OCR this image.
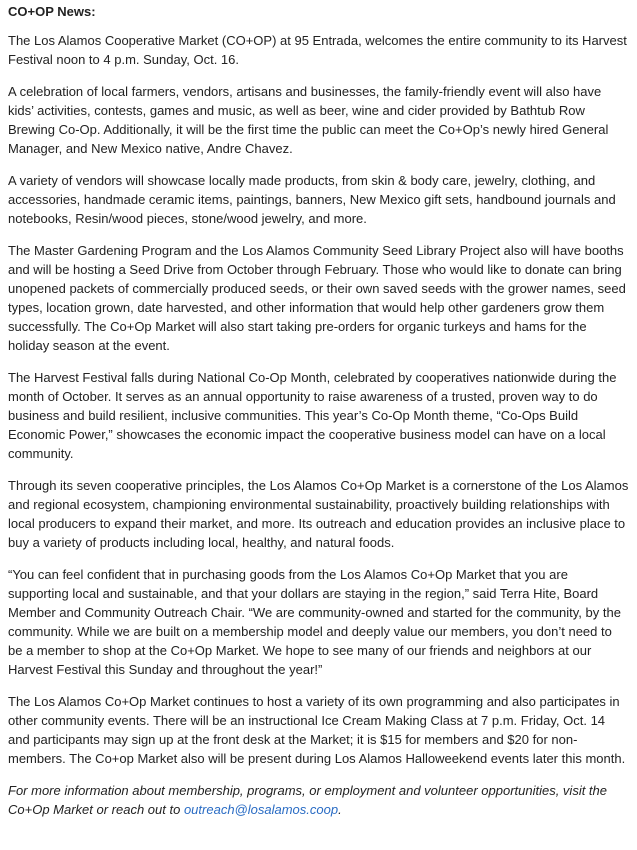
CO+OP News:

The Los Alamos Cooperative Market (CO+OP) at 95 Entrada, welcomes the entire community to its Harvest Festival noon to 4 p.m. Sunday, Oct. 16.

A celebration of local farmers, vendors, artisans and businesses, the family-friendly event will also have kids’ activities, contests, games and music, as well as beer, wine and cider provided by Bathtub Row Brewing Co-Op. Additionally, it will be the first time the public can meet the Co+Op’s newly hired General Manager, and New Mexico native, Andre Chavez.

A variety of vendors will showcase locally made products, from skin & body care, jewelry, clothing, and accessories, handmade ceramic items, paintings, banners, New Mexico gift sets, handbound journals and notebooks, Resin/wood pieces, stone/wood jewelry, and more.

The Master Gardening Program and the Los Alamos Community Seed Library Project also will have booths and will be hosting a Seed Drive from October through February. Those who would like to donate can bring unopened packets of commercially produced seeds, or their own saved seeds with the grower names, seed types, location grown, date harvested, and other information that would help other gardeners grow them successfully. The Co+Op Market will also start taking pre-orders for organic turkeys and hams for the holiday season at the event.

The Harvest Festival falls during National Co-Op Month, celebrated by cooperatives nationwide during the month of October. It serves as an annual opportunity to raise awareness of a trusted, proven way to do business and build resilient, inclusive communities. This year’s Co-Op Month theme, “Co-Ops Build Economic Power,” showcases the economic impact the cooperative business model can have on a local community.

Through its seven cooperative principles, the Los Alamos Co+Op Market is a cornerstone of the Los Alamos and regional ecosystem, championing environmental sustainability, proactively building relationships with local producers to expand their market, and more. Its outreach and education provides an inclusive place to buy a variety of products including local, healthy, and natural foods.

“You can feel confident that in purchasing goods from the Los Alamos Co+Op Market that you are supporting local and sustainable, and that your dollars are staying in the region,” said Terra Hite, Board Member and Community Outreach Chair. “We are community-owned and started for the community, by the community. While we are built on a membership model and deeply value our members, you don’t need to be a member to shop at the Co+Op Market. We hope to see many of our friends and neighbors at our Harvest Festival this Sunday and throughout the year!”

The Los Alamos Co+Op Market continues to host a variety of its own programming and also participates in other community events. There will be an instructional Ice Cream Making Class at 7 p.m. Friday, Oct. 14 and participants may sign up at the front desk at the Market; it is $15 for members and $20 for non-members. The Co+op Market also will be present during Los Alamos Halloweekend events later this month.

For more information about membership, programs, or employment and volunteer opportunities, visit the Co+Op Market or reach out to outreach@losalamos.coop.
